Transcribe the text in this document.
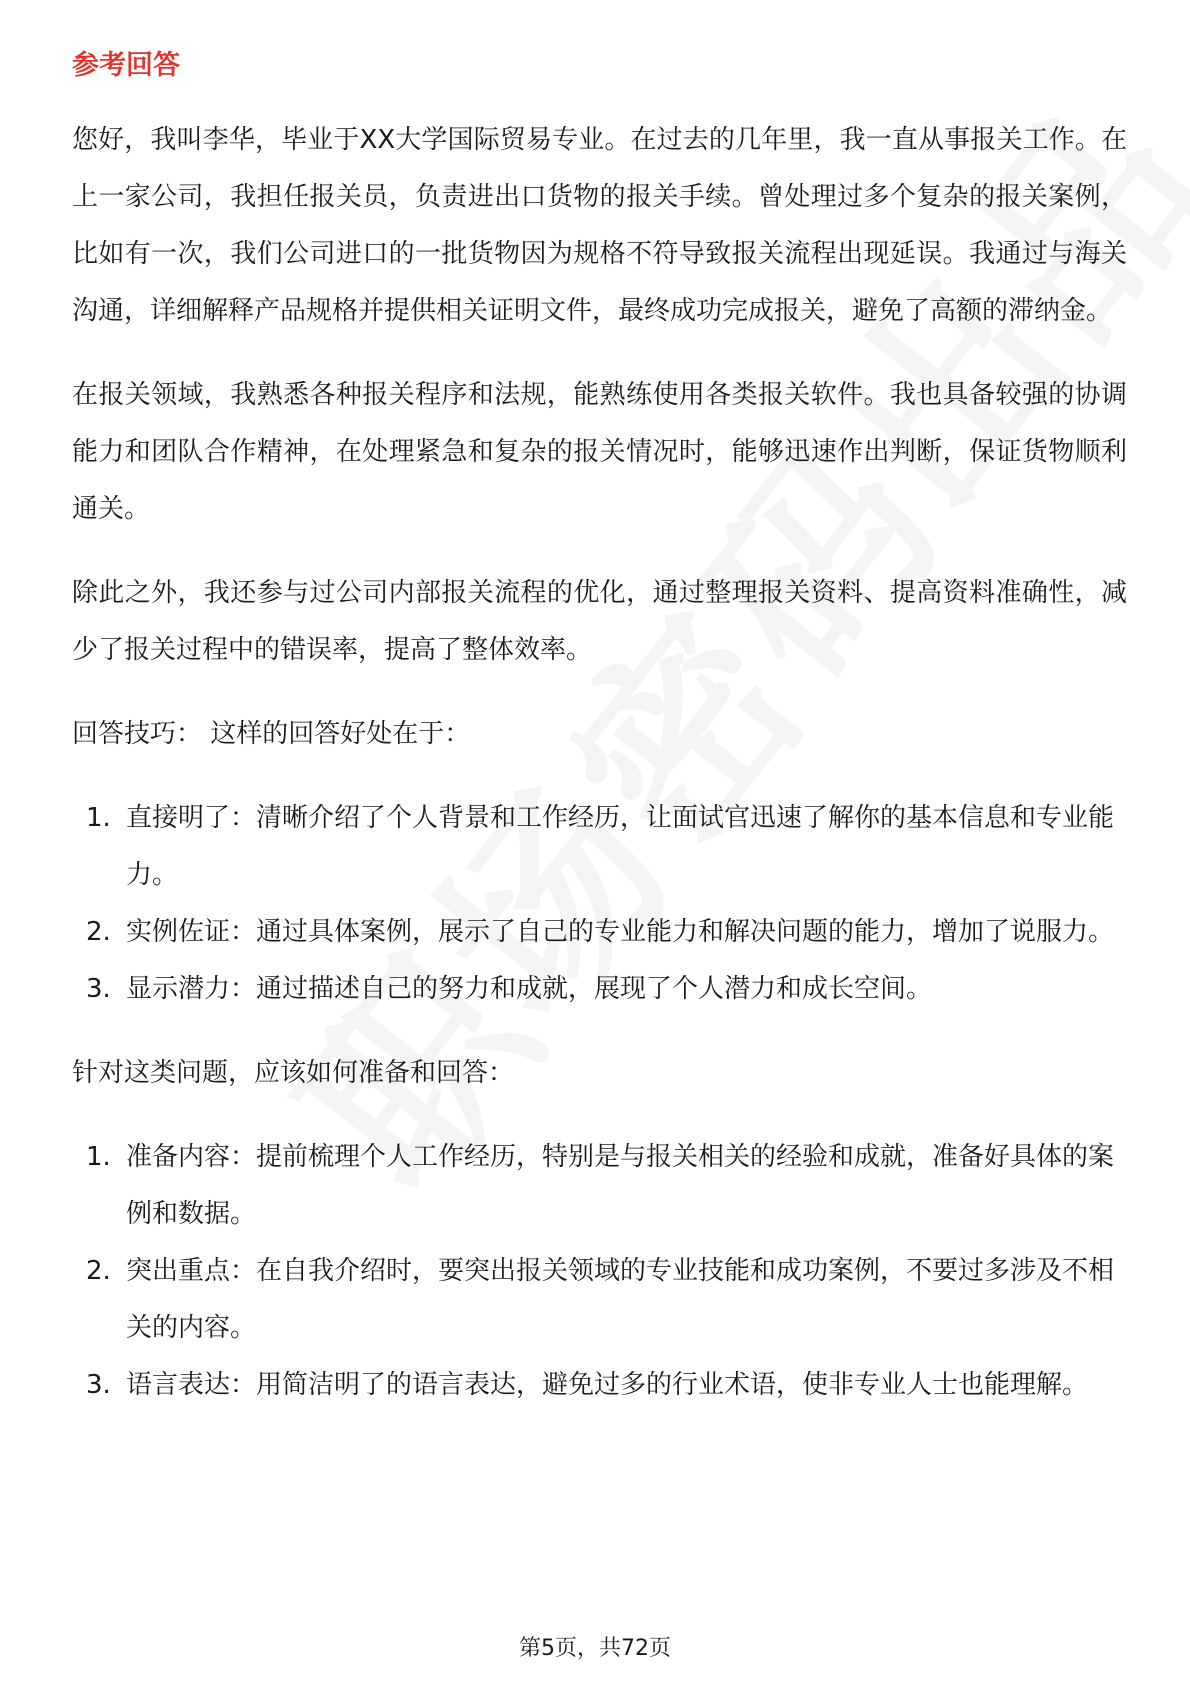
参考回答

您好，我叫李华，毕业于XX大学国际贸易专业。在过去的几年里，我一直从事报关工作。在上一家公司，我担任报关员，负责进出口货物的报关手续。曾处理过多个复杂的报关案例，比如有一次，我们公司进口的一批货物因为规格不符导致报关流程出现延误。我通过与海关沟通，详细解释产品规格并提供相关证明文件，最终成功完成报关，避免了高额的滞纳金。

在报关领域，我熟悉各种报关程序和法规，能熟练使用各类报关软件。我也具备较强的协调能力和团队合作精神，在处理紧急和复杂的报关情况时，能够迅速作出判断，保证货物顺利通关。

除此之外，我还参与过公司内部报关流程的优化，通过整理报关资料、提高资料准确性，减少了报关过程中的错误率，提高了整体效率。

回答技巧： 这样的回答好处在于：

1. 直接明了：清晰介绍了个人背景和工作经历，让面试官迅速了解你的基本信息和专业能力。
2. 实例佐证：通过具体案例，展示了自己的专业能力和解决问题的能力，增加了说服力。
3. 显示潜力：通过描述自己的努力和成就，展现了个人潜力和成长空间。

针对这类问题，应该如何准备和回答：

1. 准备内容：提前梳理个人工作经历，特别是与报关相关的经验和成就，准备好具体的案例和数据。
2. 突出重点：在自我介绍时，要突出报关领域的专业技能和成功案例，不要过多涉及不相关的内容。
3. 语言表达：用简洁明了的语言表达，避免过多的行业术语，使非专业人士也能理解。
第5页，共72页
